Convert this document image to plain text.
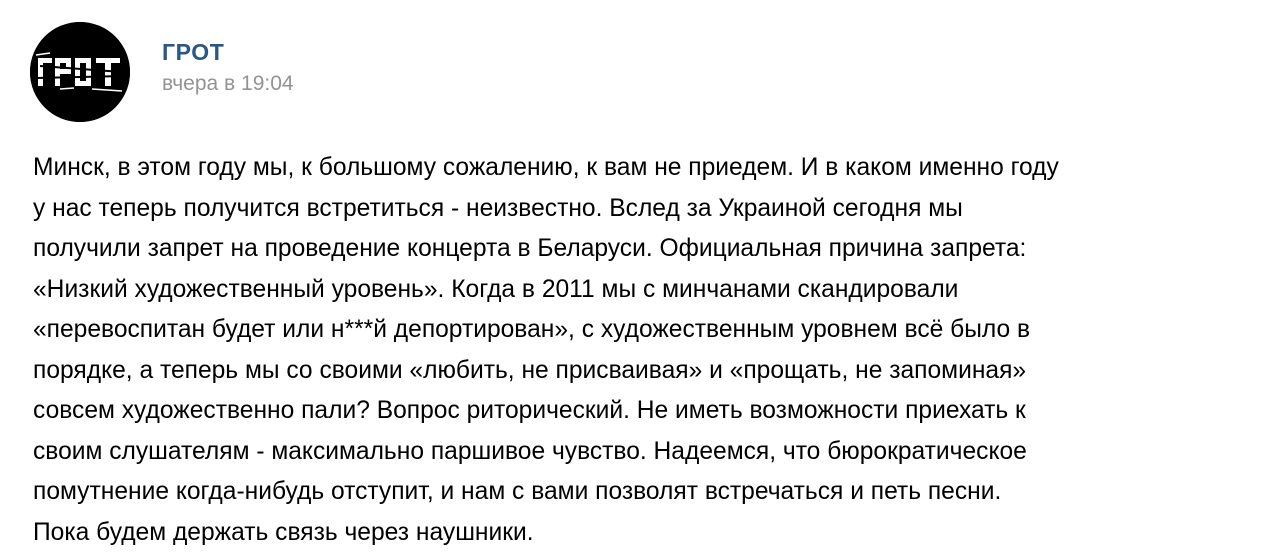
ГРОТ
вчера в 19:04
Минск, в этом году мы, к большому сожалению, к вам не приедем. И в каком именно году
у нас теперь получится встретиться - неизвестно. Вслед за Украиной сегодня мы
получили запрет на проведение концерта в Беларуси. Официальная причина запрета:
«Низкий художественный уровень». Когда в 2011 мы с минчанами скандировали
«перевоспитан будет или н***й депортирован», с художественным уровнем всё было в
порядке, а теперь мы со своими «любить, не присваивая» и «прощать, не запоминая»
совсем художественно пали? Вопрос риторический. Не иметь возможности приехать к
своим слушателям - максимально паршивое чувство. Надеемся, что бюрократическое
помутнение когда-нибудь отступит, и нам с вами позволят встречаться и петь песни.
Пока будем держать связь через наушники.
